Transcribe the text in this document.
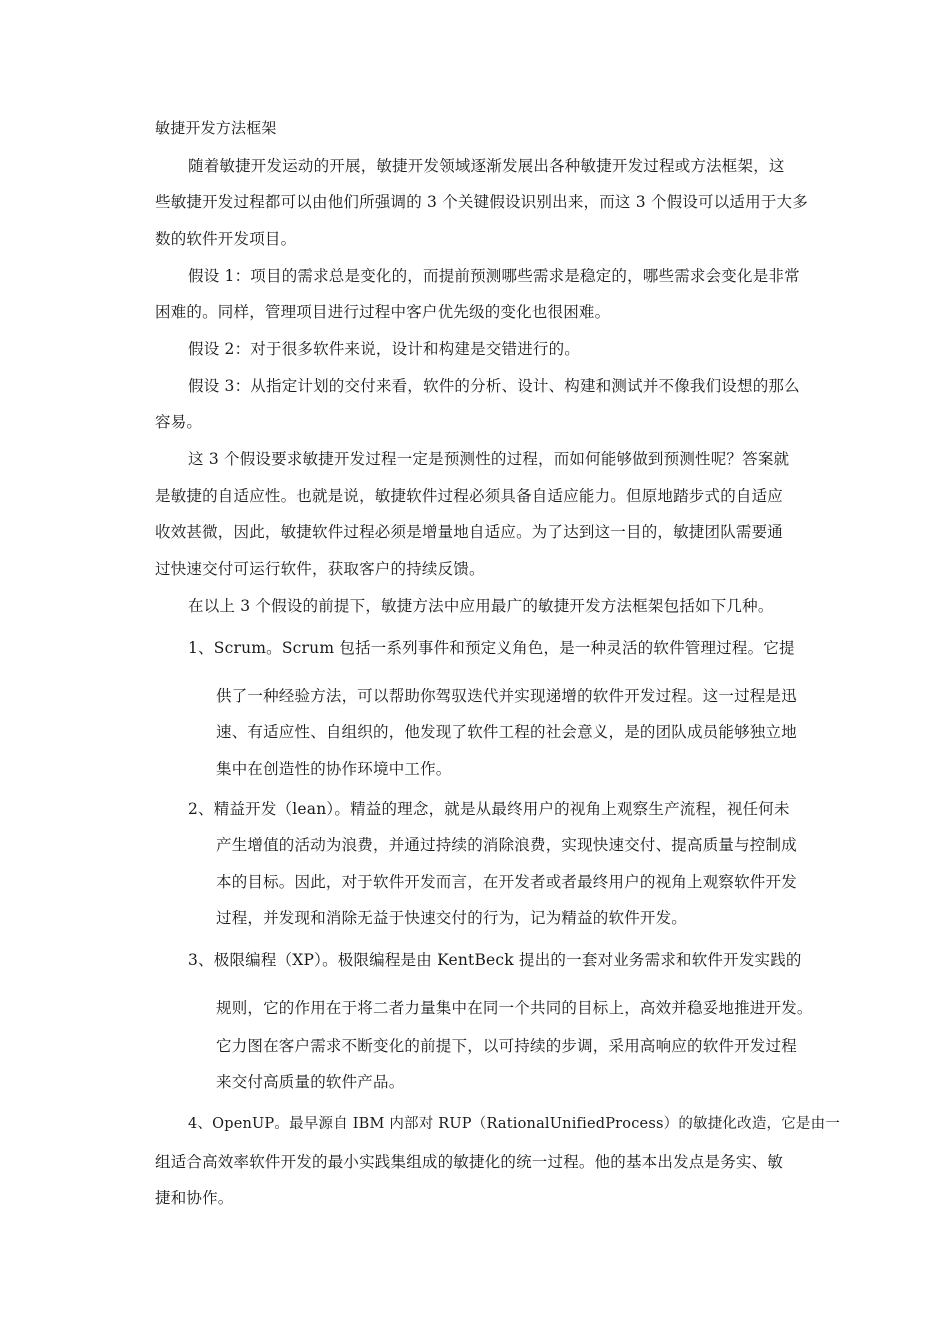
敏捷开发方法框架
随着敏捷开发运动的开展，敏捷开发领域逐渐发展出各种敏捷开发过程或方法框架，这
些敏捷开发过程都可以由他们所强调的 3 个关键假设识别出来，而这 3 个假设可以适用于大多
数的软件开发项目。
假设 1：项目的需求总是变化的，而提前预测哪些需求是稳定的，哪些需求会变化是非常
困难的。同样，管理项目进行过程中客户优先级的变化也很困难。
假设 2：对于很多软件来说，设计和构建是交错进行的。
假设 3：从指定计划的交付来看，软件的分析、设计、构建和测试并不像我们设想的那么
容易。
这 3 个假设要求敏捷开发过程一定是预测性的过程，而如何能够做到预测性呢？答案就
是敏捷的自适应性。也就是说，敏捷软件过程必须具备自适应能力。但原地踏步式的自适应
收效甚微，因此，敏捷软件过程必须是增量地自适应。为了达到这一目的，敏捷团队需要通
过快速交付可运行软件，获取客户的持续反馈。
在以上 3 个假设的前提下，敏捷方法中应用最广的敏捷开发方法框架包括如下几种。
1、Scrum。Scrum 包括一系列事件和预定义角色，是一种灵活的软件管理过程。它提
供了一种经验方法，可以帮助你驾驭迭代并实现递增的软件开发过程。这一过程是迅
速、有适应性、自组织的，他发现了软件工程的社会意义，是的团队成员能够独立地
集中在创造性的协作环境中工作。
2、精益开发（lean）。精益的理念，就是从最终用户的视角上观察生产流程，视任何未
产生增值的活动为浪费，并通过持续的消除浪费，实现快速交付、提高质量与控制成
本的目标。因此，对于软件开发而言，在开发者或者最终用户的视角上观察软件开发
过程，并发现和消除无益于快速交付的行为，记为精益的软件开发。
3、极限编程（XP）。极限编程是由 KentBeck 提出的一套对业务需求和软件开发实践的
规则，它的作用在于将二者力量集中在同一个共同的目标上，高效并稳妥地推进开发。
它力图在客户需求不断变化的前提下，以可持续的步调，采用高响应的软件开发过程
来交付高质量的软件产品。
4、OpenUP。最早源自 IBM 内部对 RUP（RationalUnifiedProcess）的敏捷化改造，它是由一
组适合高效率软件开发的最小实践集组成的敏捷化的统一过程。他的基本出发点是务实、敏
捷和协作。
